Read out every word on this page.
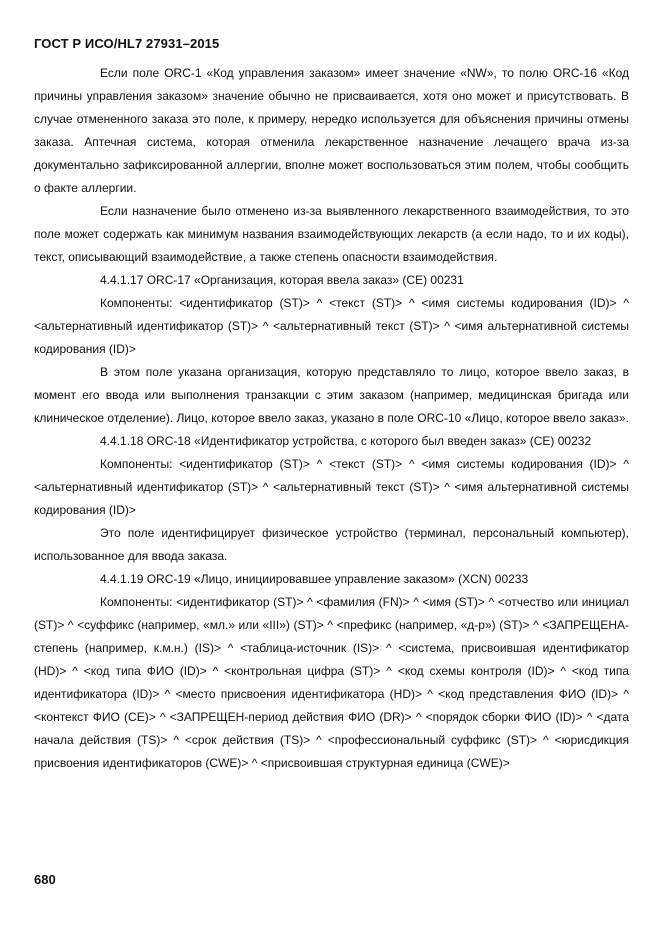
ГОСТ Р ИСО/HL7 27931–2015

Если поле ORC-1 «Код управления заказом» имеет значение «NW», то полю ORC-16 «Код причины управления заказом» значение обычно не присваивается, хотя оно может и присутствовать. В случае отмененного заказа это поле, к примеру, нередко используется для объяснения причины отмены заказа. Аптечная система, которая отменила лекарственное назначение лечащего врача из-за документально зафиксированной аллергии, вполне может воспользоваться этим полем, чтобы сообщить о факте аллергии.

Если назначение было отменено из-за выявленного лекарственного взаимодействия, то это поле может содержать как минимум названия взаимодействующих лекарств (а если надо, то и их коды), текст, описывающий взаимодействие, а также степень опасности взаимодействия.

4.4.1.17 ORC-17 «Организация, которая ввела заказ» (СЕ) 00231

Компоненты: <идентификатор (ST)> ^ <текст (ST)> ^ <имя системы кодирования (ID)> ^ <альтернативный идентификатор (ST)> ^ <альтернативный текст (ST)> ^ <имя альтернативной системы кодирования (ID)>

В этом поле указана организация, которую представляло то лицо, которое ввело заказ, в момент его ввода или выполнения транзакции с этим заказом (например, медицинская бригада или клиническое отделение). Лицо, которое ввело заказ, указано в поле ORC-10 «Лицо, которое ввело заказ».

4.4.1.18 ORC-18 «Идентификатор устройства, с которого был введен заказ» (СЕ) 00232

Компоненты: <идентификатор (ST)> ^ <текст (ST)> ^ <имя системы кодирования (ID)> ^ <альтернативный идентификатор (ST)> ^ <альтернативный текст (ST)> ^ <имя альтернативной системы кодирования (ID)>

Это поле идентифицирует физическое устройство (терминал, персональный компьютер), использованное для ввода заказа.

4.4.1.19 ORC-19 «Лицо, инициировавшее управление заказом» (XCN) 00233

Компоненты: <идентификатор (ST)> ^ <фамилия (FN)> ^ <имя (ST)> ^ <отчество или инициал (ST)> ^ <суффикс (например, «мл.» или «III») (ST)> ^ <префикс (например, «д-р») (ST)> ^ <ЗАПРЕЩЕНА-степень (например, к.м.н.) (IS)> ^ <таблица-источник (IS)> ^ <система, присвоившая идентификатор (HD)> ^ <код типа ФИО (ID)> ^ <контрольная цифра (ST)> ^ <код схемы контроля (ID)> ^ <код типа идентификатора (ID)> ^ <место присвоения идентификатора (HD)> ^ <код представления ФИО (ID)> ^ <контекст ФИО (CE)> ^ <ЗАПРЕЩЕН-период действия ФИО (DR)> ^ <порядок сборки ФИО (ID)> ^ <дата начала действия (TS)> ^ <срок действия (TS)> ^ <профессиональный суффикс (ST)> ^ <юрисдикция присвоения идентификаторов (CWE)> ^ <присвоившая структурная единица (CWE)>

680
